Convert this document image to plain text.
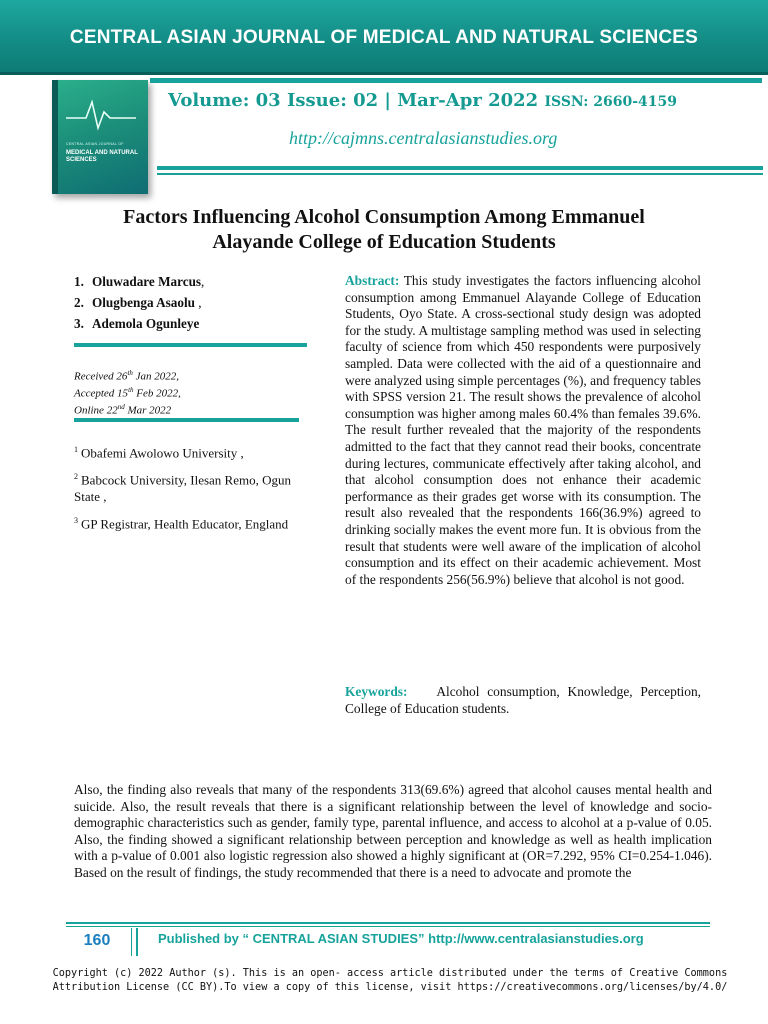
CENTRAL ASIAN JOURNAL OF MEDICAL AND NATURAL SCIENCES
CENTRAL ASIAN JOURNAL OF
MEDICAL AND NATURAL SCIENCES
Volume: 03 Issue: 02 | Mar-Apr 2022 ISSN: 2660-4159
http://cajmns.centralasianstudies.org
Factors Influencing Alcohol Consumption Among Emmanuel
Alayande College of Education Students
1. Oluwadare Marcus,
2. Olugbenga Asaolu ,
3. Ademola Ogunleye
Received 26th Jan 2022,
Accepted 15th Feb 2022,
Online 22nd Mar 2022
$^1$ Obafemi Awolowo University ,
$^2$ Babcock University, Ilesan Remo, Ogun State ,
$^3$ GP Registrar, Health Educator, England
Abstract: This study investigates the factors influencing alcohol consumption among Emmanuel Alayande College of Education Students, Oyo State. A cross-sectional study design was adopted for the study. A multistage sampling method was used in selecting faculty of science from which 450 respondents were purposively sampled. Data were collected with the aid of a questionnaire and were analyzed using simple percentages (%), and frequency tables with SPSS version 21. The result shows the prevalence of alcohol consumption was higher among males 60.4% than females 39.6%. The result further revealed that the majority of the respondents admitted to the fact that they cannot read their books, concentrate during lectures, communicate effectively after taking alcohol, and that alcohol consumption does not enhance their academic performance as their grades get worse with its consumption. The result also revealed that the respondents 166(36.9%) agreed to drinking socially makes the event more fun. It is obvious from the result that students were well aware of the implication of alcohol consumption and its effect on their academic achievement. Most of the respondents 256(56.9%) believe that alcohol is not good.
Keywords: Alcohol consumption, Knowledge, Perception, College of Education students.
Also, the finding also reveals that many of the respondents 313(69.6%) agreed that alcohol causes mental health and suicide. Also, the result reveals that there is a significant relationship between the level of knowledge and socio-demographic characteristics such as gender, family type, parental influence, and access to alcohol at a p-value of 0.05. Also, the finding showed a significant relationship between perception and knowledge as well as health implication with a p-value of 0.001 also logistic regression also showed a highly significant at (OR=7.292, 95% CI=0.254-1.046). Based on the result of findings, the study recommended that there is a need to advocate and promote the
160	Published by “ CENTRAL ASIAN STUDIES” http://www.centralasianstudies.org
Copyright (c) 2022 Author (s). This is an open- access article distributed under the terms of Creative Commons
Attribution License (CC BY).To view a copy of this license, visit https://creativecommons.org/licenses/by/4.0/
